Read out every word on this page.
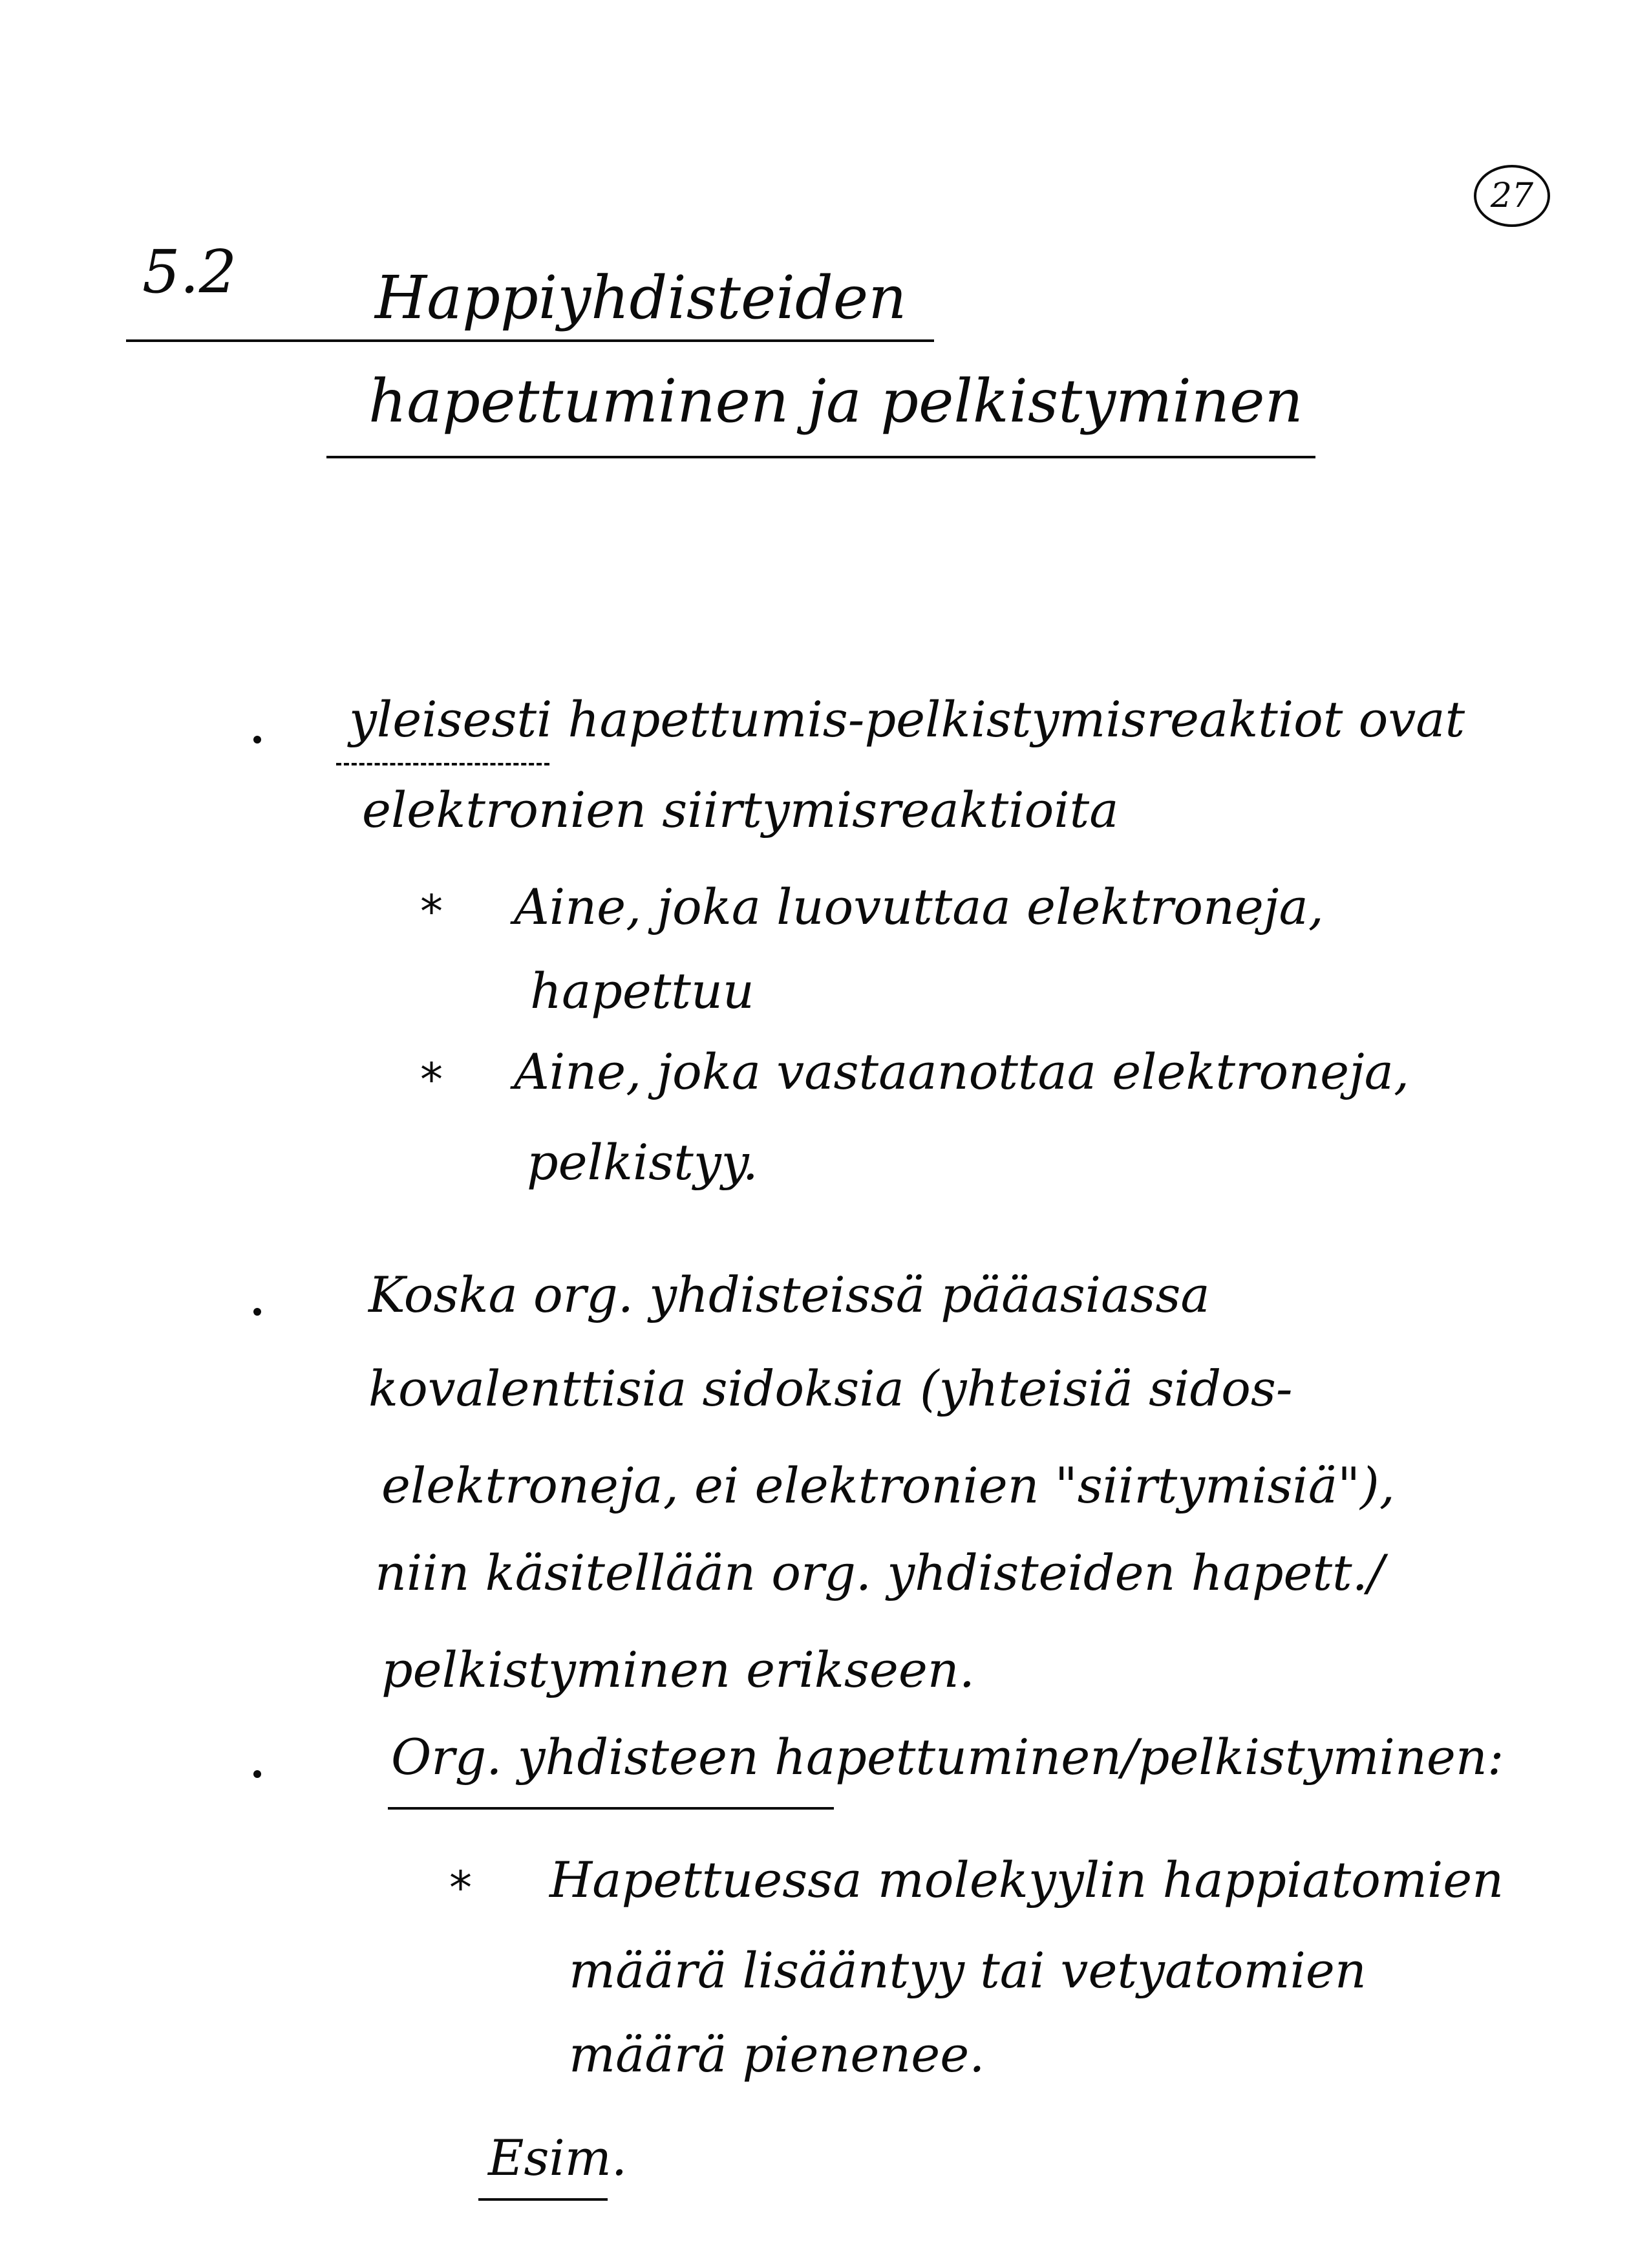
27
5.2 Happiyhdisteiden
hapettuminen ja pelkistyminen
yleisesti hapettumis-pelkistymisreaktiot ovat
elektronien siirtymisreaktioita
* Aine, joka luovuttaa elektroneja,
hapettuu
* Aine, joka vastaanottaa elektroneja,
pelkistyy.
Koska org. yhdisteissä pääasiassa
kovalenttisia sidoksia (yhteisiä sidos-
elektroneja, ei elektronien "siirtymisiä"),
niin käsitellään org. yhdisteiden hapett./
pelkistyminen erikseen.
Org. yhdisteen hapettuminen/pelkistyminen:
* Hapettuessa molekyylin happiatomien
määrä lisääntyy tai vetyatomien
määrä pienenee.
Esim.
